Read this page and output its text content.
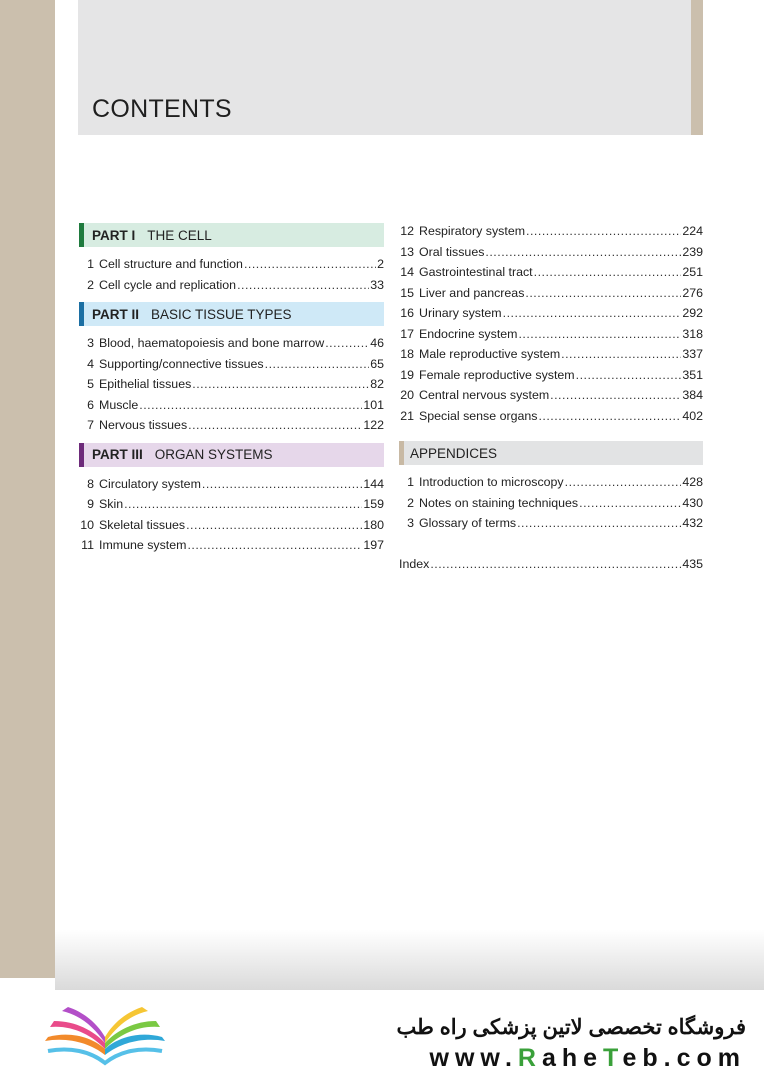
CONTENTS
PART I THE CELL
1 Cell structure and function .....	2
2 Cell cycle and replication .....	33
PART II BASIC TISSUE TYPES
3 Blood, haematopoiesis and bone marrow .....	46
4 Supporting/connective tissues .....	65
5 Epithelial tissues .....	82
6 Muscle .....	101
7 Nervous tissues .....	122
PART III ORGAN SYSTEMS
8 Circulatory system .....	144
9 Skin .....	159
10 Skeletal tissues .....	180
11 Immune system .....	197
12 Respiratory system .....	224
13 Oral tissues .....	239
14 Gastrointestinal tract .....	251
15 Liver and pancreas .....	276
16 Urinary system .....	292
17 Endocrine system .....	318
18 Male reproductive system .....	337
19 Female reproductive system .....	351
20 Central nervous system .....	384
21 Special sense organs .....	402
APPENDICES
1 Introduction to microscopy .....	428
2 Notes on staining techniques .....	430
3 Glossary of terms .....	432
Index .....	435
فروشگاه تخصصی لاتین پزشکی راه طب
www.RaheTeb.com
